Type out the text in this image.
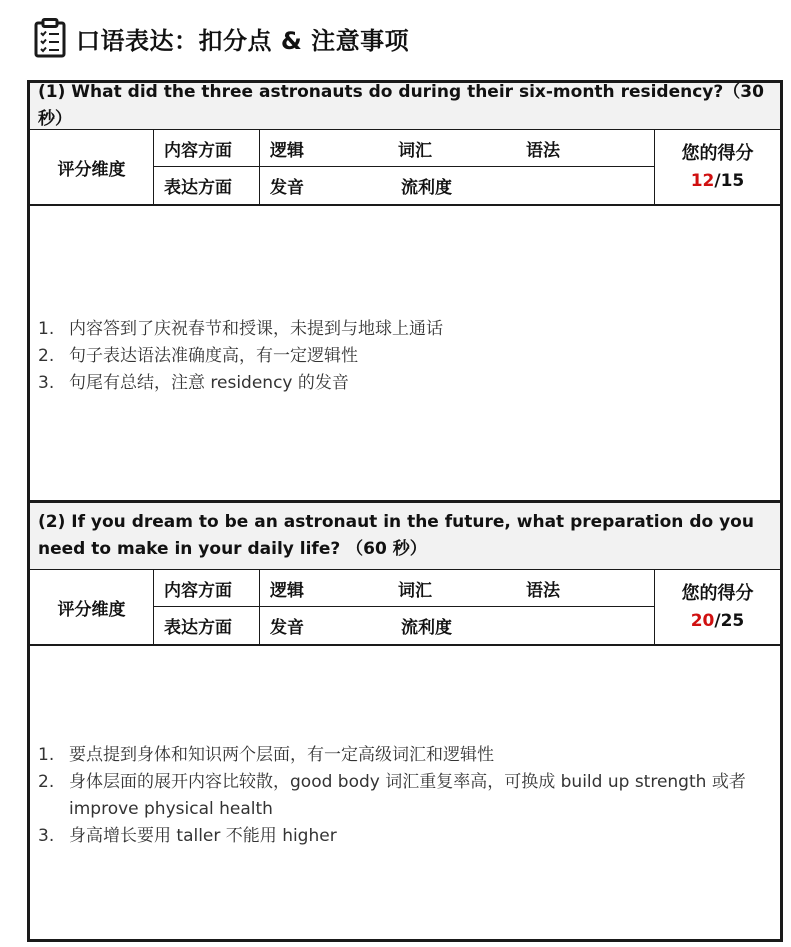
口语表达：扣分点 & 注意事项
(1) What did the three astronauts do during their six-month residency?（30 秒）
评分维度
内容方面	逻辑	词汇	语法
表达方面	发音	流利度
您的得分
12/15
1. 内容答到了庆祝春节和授课，未提到与地球上通话
2. 句子表达语法准确度高，有一定逻辑性
3. 句尾有总结，注意 residency 的发音
(2) If you dream to be an astronaut in the future, what preparation do you need to make in your daily life? （60 秒）
评分维度
内容方面	逻辑	词汇	语法
表达方面	发音	流利度
您的得分
20/25
1. 要点提到身体和知识两个层面，有一定高级词汇和逻辑性
2. 身体层面的展开内容比较散，good body 词汇重复率高，可换成 build up strength 或者 improve physical health
3. 身高增长要用 taller 不能用 higher
